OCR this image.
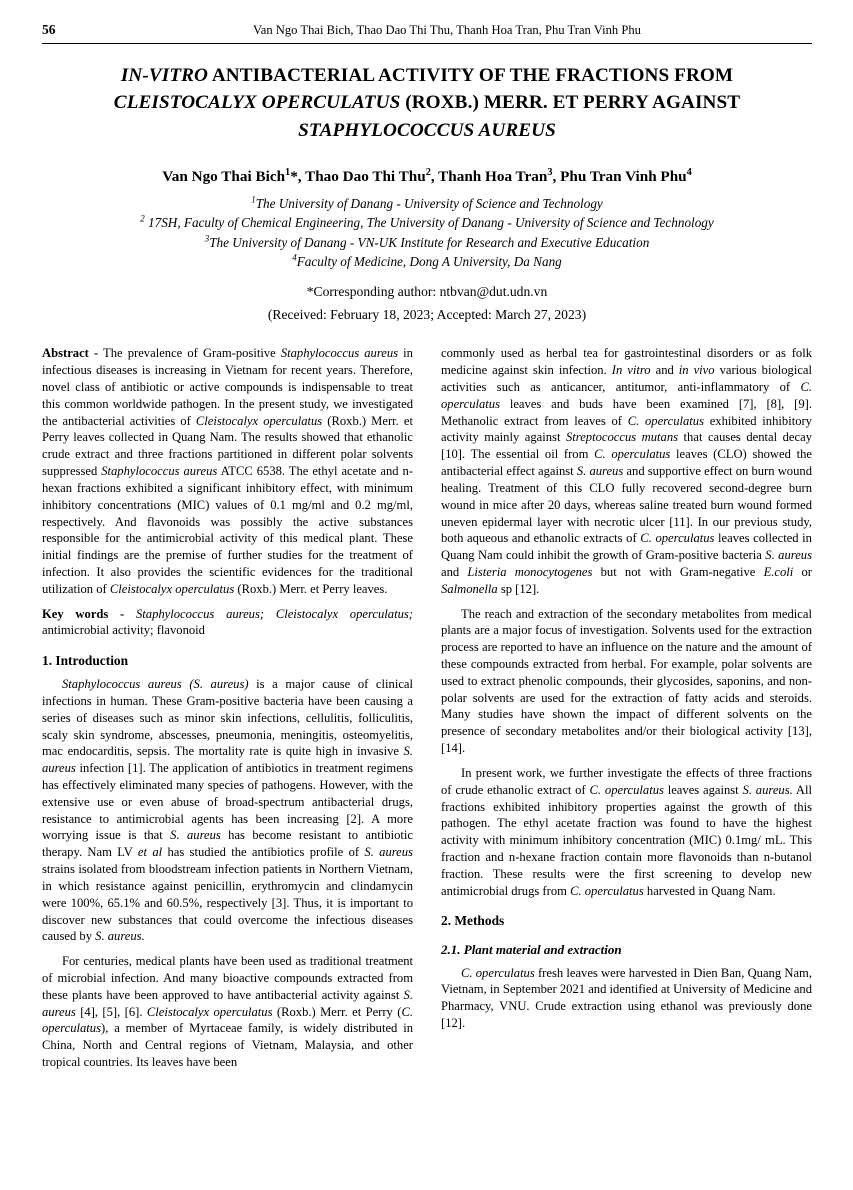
56	Van Ngo Thai Bich, Thao Dao Thi Thu, Thanh Hoa Tran, Phu Tran Vinh Phu
IN-VITRO ANTIBACTERIAL ACTIVITY OF THE FRACTIONS FROM
CLEISTOCALYX OPERCULATUS (ROXB.) MERR. ET PERRY AGAINST
STAPHYLOCOCCUS AUREUS
Van Ngo Thai Bich$^1$*, Thao Dao Thi Thu$^2$, Thanh Hoa Tran$^3$, Phu Tran Vinh Phu$^4$
$^1$The University of Danang - University of Science and Technology
$^2$ 17SH, Faculty of Chemical Engineering, The University of Danang - University of Science and Technology
$^3$The University of Danang - VN-UK Institute for Research and Executive Education
$^4$Faculty of Medicine, Dong A University, Da Nang
*Corresponding author: ntbvan@dut.udn.vn
(Received: February 18, 2023; Accepted: March 27, 2023)

Abstract - The prevalence of Gram-positive Staphylococcus aureus in infectious diseases is increasing in Vietnam for recent years. Therefore, novel class of antibiotic or active compounds is indispensable to treat this common worldwide pathogen. In the present study, we investigated the antibacterial activities of Cleistocalyx operculatus (Roxb.) Merr. et Perry leaves collected in Quang Nam. The results showed that ethanolic crude extract and three fractions partitioned in different polar solvents suppressed Staphylococcus aureus ATCC 6538. The ethyl acetate and n-hexan fractions exhibited a significant inhibitory effect, with minimum inhibitory concentrations (MIC) values of 0.1 mg/ml and 0.2 mg/ml, respectively. And flavonoids was possibly the active substances responsible for the antimicrobial activity of this medical plant. These initial findings are the premise of further studies for the treatment of infection. It also provides the scientific evidences for the traditional utilization of Cleistocalyx operculatus (Roxb.) Merr. et Perry leaves.

Key words - Staphylococcus aureus; Cleistocalyx operculatus; antimicrobial activity; flavonoid

1. Introduction

Staphylococcus aureus (S. aureus) is a major cause of clinical infections in human. These Gram-positive bacteria have been causing a series of diseases such as minor skin infections, cellulitis, folliculitis, scaly skin syndrome, abscesses, pneumonia, meningitis, osteomyelitis, mac endocarditis, sepsis. The mortality rate is quite high in invasive S. aureus infection [1]. The application of antibiotics in treatment regimens has effectively eliminated many species of pathogens. However, with the extensive use or even abuse of broad-spectrum antibacterial drugs, resistance to antimicrobial agents has been increasing [2]. A more worrying issue is that S. aureus has become resistant to antibiotic therapy. Nam LV et al has studied the antibiotics profile of S. aureus strains isolated from bloodstream infection patients in Northern Vietnam, in which resistance against penicillin, erythromycin and clindamycin were 100%, 65.1% and 60.5%, respectively [3]. Thus, it is important to discover new substances that could overcome the infectious diseases caused by S. aureus.

For centuries, medical plants have been used as traditional treatment of microbial infection. And many bioactive compounds extracted from these plants have been approved to have antibacterial activity against S. aureus [4], [5], [6]. Cleistocalyx operculatus (Roxb.) Merr. et Perry (C. operculatus), a member of Myrtaceae family, is widely distributed in China, North and Central regions of Vietnam, Malaysia, and other tropical countries. Its leaves have been

commonly used as herbal tea for gastrointestinal disorders or as folk medicine against skin infection. In vitro and in vivo various biological activities such as anticancer, antitumor, anti-inflammatory of C. operculatus leaves and buds have been examined [7], [8], [9]. Methanolic extract from leaves of C. operculatus exhibited inhibitory activity mainly against Streptococcus mutans that causes dental decay [10]. The essential oil from C. operculatus leaves (CLO) showed the antibacterial effect against S. aureus and supportive effect on burn wound healing. Treatment of this CLO fully recovered second-degree burn wound in mice after 20 days, whereas saline treated burn wound formed uneven epidermal layer with necrotic ulcer [11]. In our previous study, both aqueous and ethanolic extracts of C. operculatus leaves collected in Quang Nam could inhibit the growth of Gram-positive bacteria S. aureus and Listeria monocytogenes but not with Gram-negative E.coli or Salmonella sp [12].

The reach and extraction of the secondary metabolites from medical plants are a major focus of investigation. Solvents used for the extraction process are reported to have an influence on the nature and the amount of these compounds extracted from herbal. For example, polar solvents are used to extract phenolic compounds, their glycosides, saponins, and non-polar solvents are used for the extraction of fatty acids and steroids. Many studies have shown the impact of different solvents on the presence of secondary metabolites and/or their biological activity [13], [14].

In present work, we further investigate the effects of three fractions of crude ethanolic extract of C. operculatus leaves against S. aureus. All fractions exhibited inhibitory properties against the growth of this pathogen. The ethyl acetate fraction was found to have the highest activity with minimum inhibitory concentration (MIC) 0.1mg/ mL. This fraction and n-hexane fraction contain more flavonoids than n-butanol fraction. These results were the first screening to develop new antimicrobial drugs from C. operculatus harvested in Quang Nam.

2. Methods
2.1. Plant material and extraction

C. operculatus fresh leaves were harvested in Dien Ban, Quang Nam, Vietnam, in September 2021 and identified at University of Medicine and Pharmacy, VNU. Crude extraction using ethanol was previously done [12].
